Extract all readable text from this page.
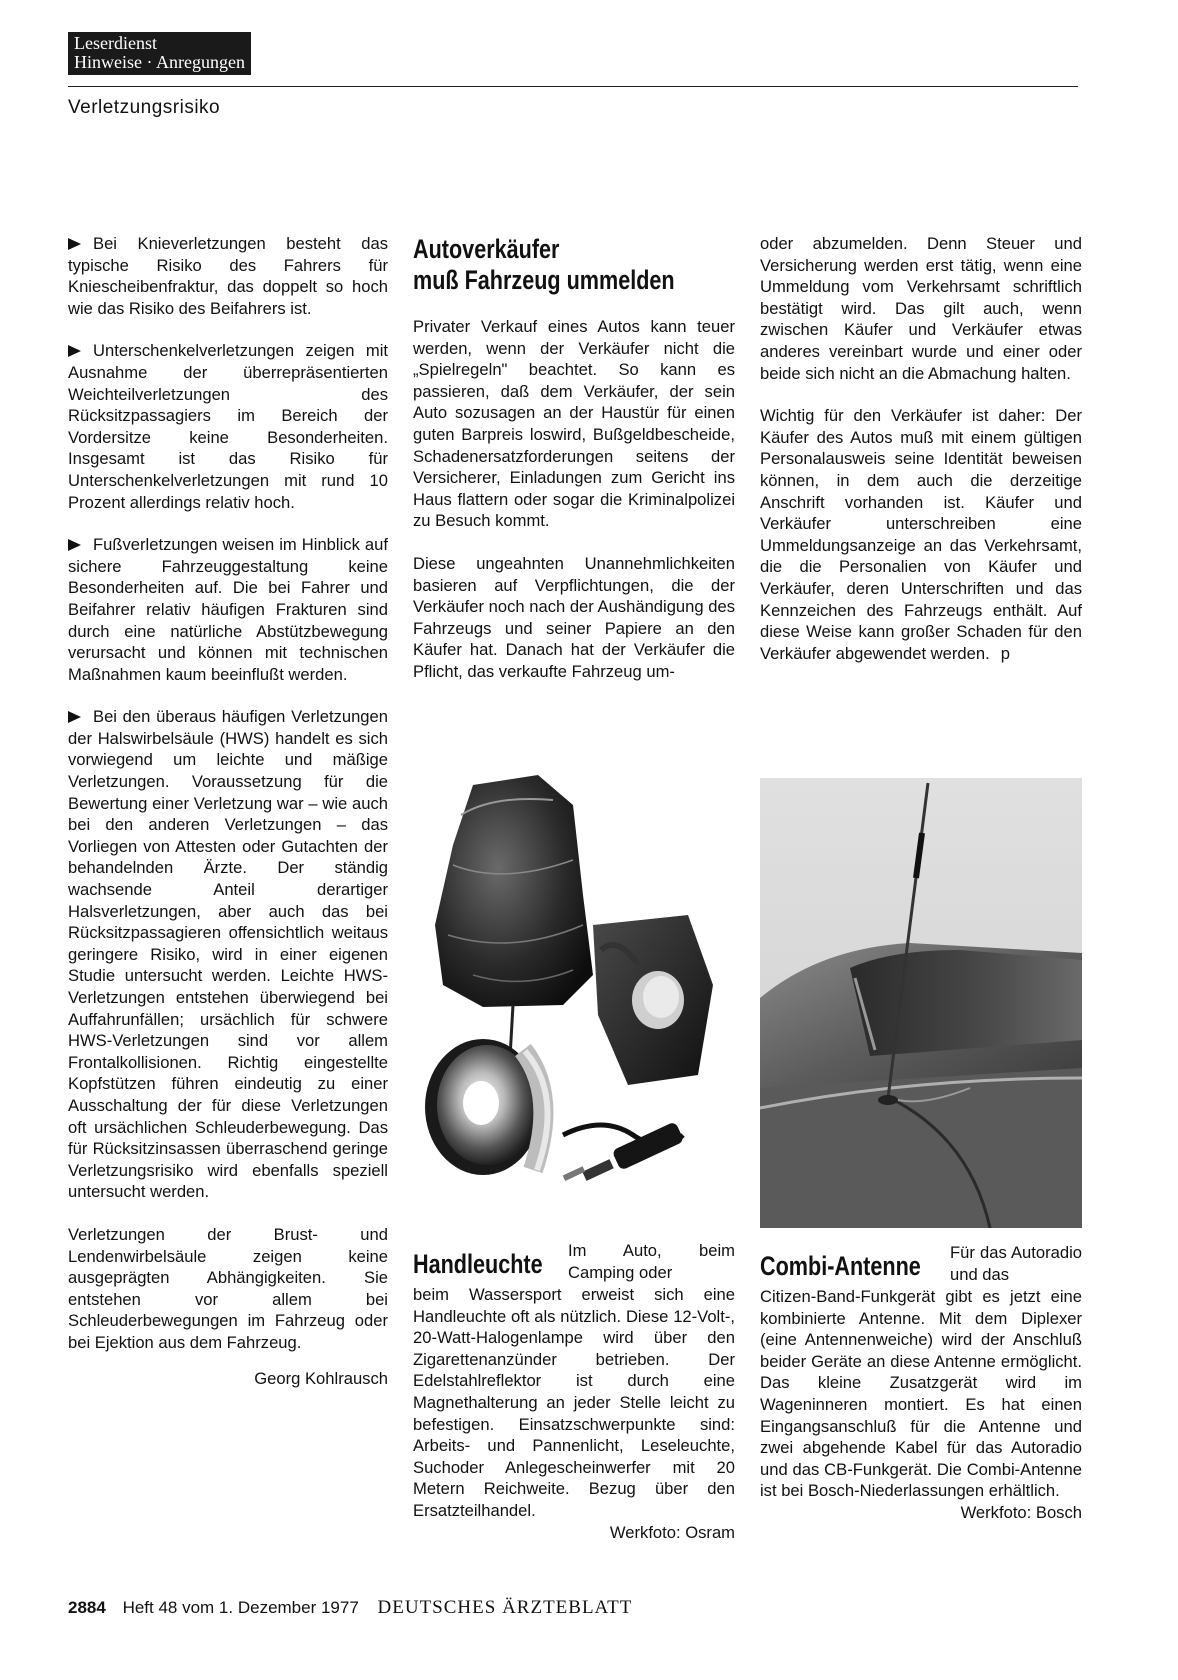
Leserdienst
Hinweise · Anregungen
Verletzungsrisiko

Bei Knieverletzungen besteht das typische Risiko des Fahrers für Kniescheibenfraktur, das doppelt so hoch wie das Risiko des Beifahrers ist.

Unterschenkelverletzungen zeigen mit Ausnahme der überrepräsentierten Weichteilverletzungen des Rücksitzpassagiers im Bereich der Vordersitze keine Besonderheiten. Insgesamt ist das Risiko für Unterschenkelverletzungen mit rund 10 Prozent allerdings relativ hoch.

Fußverletzungen weisen im Hinblick auf sichere Fahrzeuggestaltung keine Besonderheiten auf. Die bei Fahrer und Beifahrer relativ häufigen Frakturen sind durch eine natürliche Abstützbewegung verursacht und können mit technischen Maßnahmen kaum beeinflußt werden.

Bei den überaus häufigen Verletzungen der Halswirbelsäule (HWS) handelt es sich vorwiegend um leichte und mäßige Verletzungen. Voraussetzung für die Bewertung einer Verletzung war – wie auch bei den anderen Verletzungen – das Vorliegen von Attesten oder Gutachten der behandelnden Ärzte. Der ständig wachsende Anteil derartiger Halsverletzungen, aber auch das bei Rücksitzpassagieren offensichtlich weitaus geringere Risiko, wird in einer eigenen Studie untersucht werden. Leichte HWS-Verletzungen entstehen überwiegend bei Auffahrunfällen; ursächlich für schwere HWS-Verletzungen sind vor allem Frontalkollisionen. Richtig eingestellte Kopfstützen führen eindeutig zu einer Ausschaltung der für diese Verletzungen oft ursächlichen Schleuderbewegung. Das für Rücksitzinsassen überraschend geringe Verletzungsrisiko wird ebenfalls speziell untersucht werden.

Verletzungen der Brust- und Lendenwirbelsäule zeigen keine ausgeprägten Abhängigkeiten. Sie entstehen vor allem bei Schleuderbewegungen im Fahrzeug oder bei Ejektion aus dem Fahrzeug.

Georg Kohlrausch
Autoverkäufer
muß Fahrzeug ummelden

Privater Verkauf eines Autos kann teuer werden, wenn der Verkäufer nicht die „Spielregeln" beachtet. So kann es passieren, daß dem Verkäufer, der sein Auto sozusagen an der Haustür für einen guten Barpreis loswird, Bußgeldbescheide, Schadenersatzforderungen seitens der Versicherer, Einladungen zum Gericht ins Haus flattern oder sogar die Kriminalpolizei zu Besuch kommt.

Diese ungeahnten Unannehmlichkeiten basieren auf Verpflichtungen, die der Verkäufer noch nach der Aushändigung des Fahrzeugs und seiner Papiere an den Käufer hat. Danach hat der Verkäufer die Pflicht, das verkaufte Fahrzeug um-

oder abzumelden. Denn Steuer und Versicherung werden erst tätig, wenn eine Ummeldung vom Verkehrsamt schriftlich bestätigt wird. Das gilt auch, wenn zwischen Käufer und Verkäufer etwas anderes vereinbart wurde und einer oder beide sich nicht an die Abmachung halten.

Wichtig für den Verkäufer ist daher: Der Käufer des Autos muß mit einem gültigen Personalausweis seine Identität beweisen können, in dem auch die derzeitige Anschrift vorhanden ist. Käufer und Verkäufer unterschreiben eine Ummeldungsanzeige an das Verkehrsamt, die die Personalien von Käufer und Verkäufer, deren Unterschriften und das Kennzeichen des Fahrzeugs enthält. Auf diese Weise kann großer Schaden für den Verkäufer abgewendet werden. p
Handleuchte Im Auto, beim Camping oder
beim Wassersport erweist sich eine Handleuchte oft als nützlich. Diese 12-Volt-, 20-Watt-Halogenlampe wird über den Zigarettenanzünder betrieben. Der Edelstahlreflektor ist durch eine Magnethalterung an jeder Stelle leicht zu befestigen. Einsatzschwerpunkte sind: Arbeits- und Pannenlicht, Leseleuchte, Suchoder Anlegescheinwerfer mit 20 Metern Reichweite. Bezug über den Ersatzteilhandel.
Werkfoto: Osram
Combi-Antenne Für das Autoradio und das
Citizen-Band-Funkgerät gibt es jetzt eine kombinierte Antenne. Mit dem Diplexer (eine Antennenweiche) wird der Anschluß beider Geräte an diese Antenne ermöglicht. Das kleine Zusatzgerät wird im Wageninneren montiert. Es hat einen Eingangsanschluß für die Antenne und zwei abgehende Kabel für das Autoradio und das CB-Funkgerät. Die Combi-Antenne ist bei Bosch-Niederlassungen erhältlich.
Werkfoto: Bosch
2884 Heft 48 vom 1. Dezember 1977 DEUTSCHES ÄRZTEBLATT
